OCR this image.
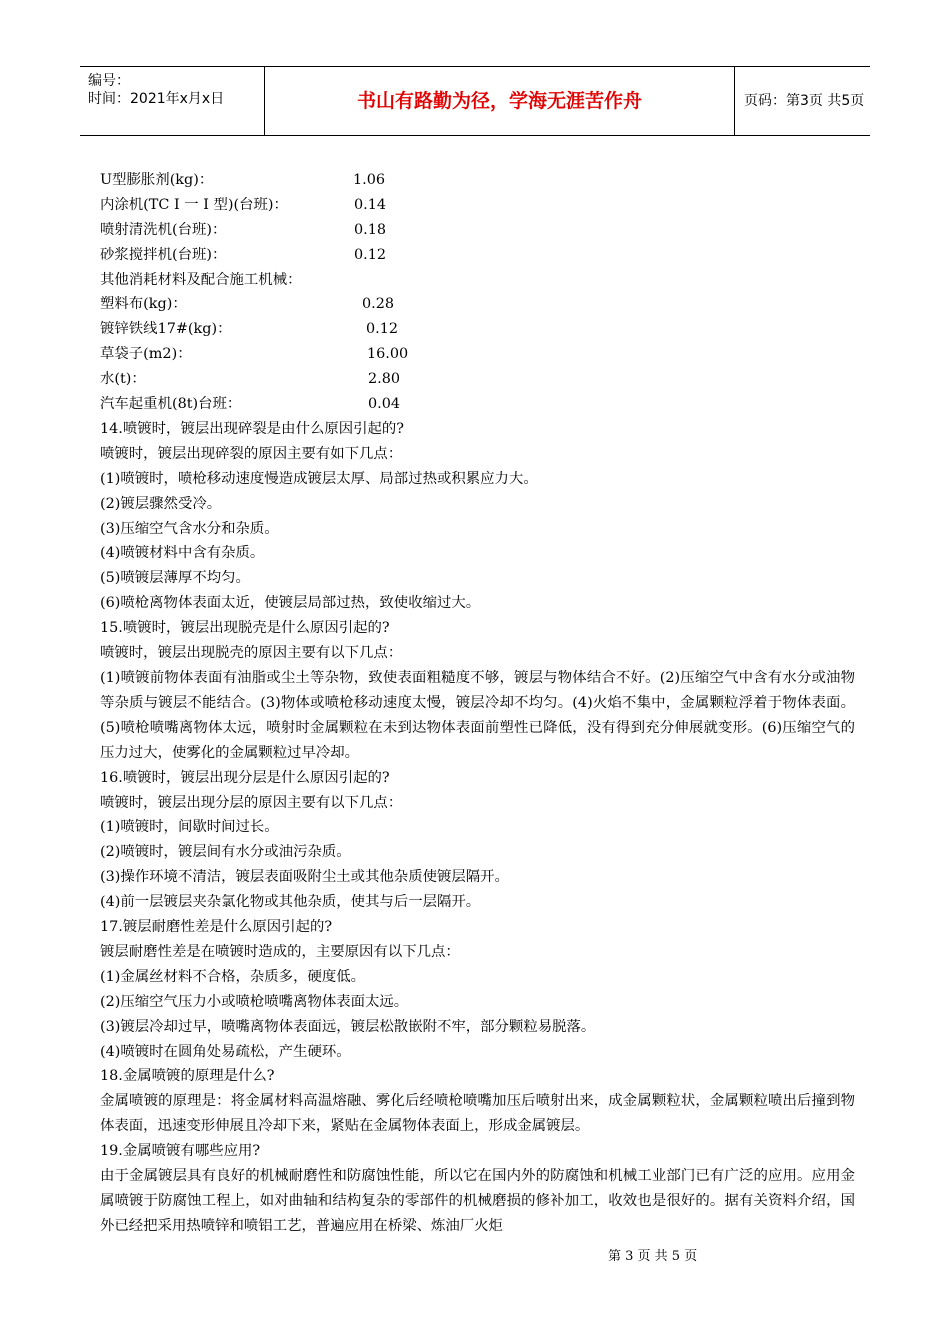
编号：
时间：2021年x月x日	书山有路勤为径，学海无涯苦作舟	页码：第3页 共5页
U型膨胀剂(kg)：	1.06
内涂机(TC I 一 I 型)(台班)：	0.14
喷射清洗机(台班)：	0.18
砂浆搅拌机(台班)：	0.12

其他消耗材料及配合施工机械：

塑料布(kg)：	0.28
镀锌铁线17#(kg)：	0.12
草袋子(m2)：	16.00
水(t)：	2.80
汽车起重机(8t)台班：	0.04

14.喷镀时，镀层出现碎裂是由什么原因引起的?

喷镀时，镀层出现碎裂的原因主要有如下几点：

(1)喷镀时，喷枪移动速度慢造成镀层太厚、局部过热或积累应力大。

(2)镀层骤然受冷。

(3)压缩空气含水分和杂质。

(4)喷镀材料中含有杂质。

(5)喷镀层薄厚不均匀。

(6)喷枪离物体表面太近，使镀层局部过热，致使收缩过大。

15.喷镀时，镀层出现脱壳是什么原因引起的?

喷镀时，镀层出现脱壳的原因主要有以下几点：

(1)喷镀前物体表面有油脂或尘土等杂物，致使表面粗糙度不够，镀层与物体结合不好。(2)压缩空气中含有水分或油物等杂质与镀层不能结合。(3)物体或喷枪移动速度太慢，镀层冷却不均匀。(4)火焰不集中，金属颗粒浮着于物体表面。(5)喷枪喷嘴离物体太远，喷射时金属颗粒在未到达物体表面前塑性已降低，没有得到充分伸展就变形。(6)压缩空气的压力过大，使雾化的金属颗粒过早冷却。

16.喷镀时，镀层出现分层是什么原因引起的?

喷镀时，镀层出现分层的原因主要有以下几点：

(1)喷镀时，间歇时间过长。

(2)喷镀时，镀层间有水分或油污杂质。

(3)操作环境不清洁，镀层表面吸附尘土或其他杂质使镀层隔开。

(4)前一层镀层夹杂氯化物或其他杂质，使其与后一层隔开。

17.镀层耐磨性差是什么原因引起的?

镀层耐磨性差是在喷镀时造成的，主要原因有以下几点：

(1)金属丝材料不合格，杂质多，硬度低。

(2)压缩空气压力小或喷枪喷嘴离物体表面太远。

(3)镀层冷却过早，喷嘴离物体表面远，镀层松散嵌附不牢，部分颗粒易脱落。

(4)喷镀时在圆角处易疏松，产生硬环。

18.金属喷镀的原理是什么?

金属喷镀的原理是：将金属材料高温熔融、雾化后经喷枪喷嘴加压后喷射出来，成金属颗粒状，金属颗粒喷出后撞到物体表面，迅速变形伸展且冷却下来，紧贴在金属物体表面上，形成金属镀层。

19.金属喷镀有哪些应用?

由于金属镀层具有良好的机械耐磨性和防腐蚀性能，所以它在国内外的防腐蚀和机械工业部门已有广泛的应用。应用金属喷镀于防腐蚀工程上，如对曲轴和结构复杂的零部件的机械磨损的修补加工，收效也是很好的。据有关资料介绍，国外已经把采用热喷锌和喷铝工艺，普遍应用在桥梁、炼油厂火炬

第 3 页 共 5 页
